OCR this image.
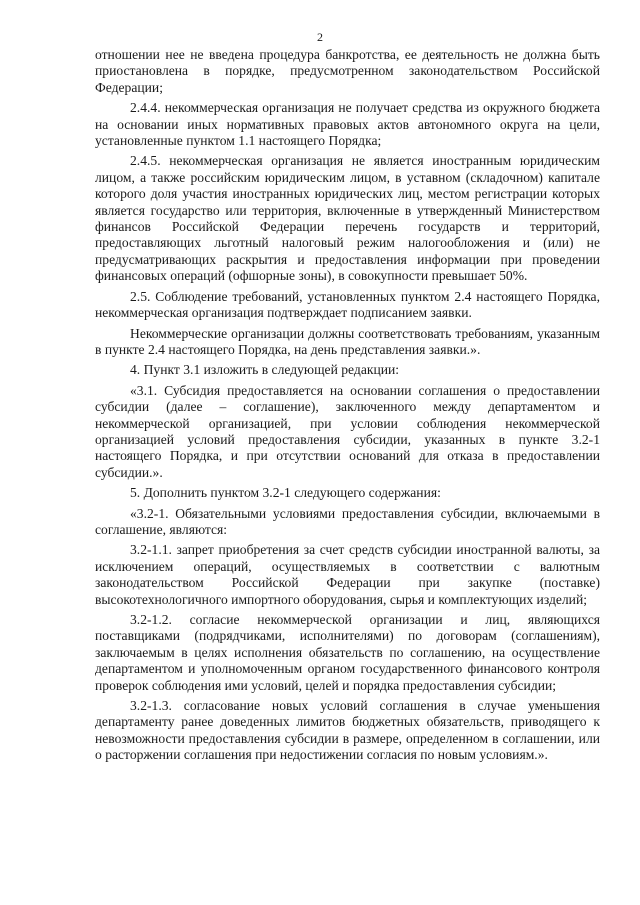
2

отношении нее не введена процедура банкротства, ее деятельность не должна быть приостановлена в порядке, предусмотренном законодательством Российской Федерации;

2.4.4. некоммерческая организация не получает средства из окружного бюджета на основании иных нормативных правовых актов автономного округа на цели, установленные пунктом 1.1 настоящего Порядка;

2.4.5. некоммерческая организация не является иностранным юридическим лицом, а также российским юридическим лицом, в уставном (складочном) капитале которого доля участия иностранных юридических лиц, местом регистрации которых является государство или территория, включенные в утвержденный Министерством финансов Российской Федерации перечень государств и территорий, предоставляющих льготный налоговый режим налогообложения и (или) не предусматривающих раскрытия и предоставления информации при проведении финансовых операций (офшорные зоны), в совокупности превышает 50%.

2.5. Соблюдение требований, установленных пунктом 2.4 настоящего Порядка, некоммерческая организация подтверждает подписанием заявки.

Некоммерческие организации должны соответствовать требованиям, указанным в пункте 2.4 настоящего Порядка, на день представления заявки.».

4. Пункт 3.1 изложить в следующей редакции:

«3.1. Субсидия предоставляется на основании соглашения о предоставлении субсидии (далее – соглашение), заключенного между департаментом и некоммерческой организацией, при условии соблюдения некоммерческой организацией условий предоставления субсидии, указанных в пункте 3.2-1 настоящего Порядка, и при отсутствии оснований для отказа в предоставлении субсидии.».

5. Дополнить пунктом 3.2-1 следующего содержания:

«3.2-1. Обязательными условиями предоставления субсидии, включаемыми в соглашение, являются:

3.2-1.1. запрет приобретения за счет средств субсидии иностранной валюты, за исключением операций, осуществляемых в соответствии с валютным законодательством Российской Федерации при закупке (поставке) высокотехнологичного импортного оборудования, сырья и комплектующих изделий;

3.2-1.2. согласие некоммерческой организации и лиц, являющихся поставщиками (подрядчиками, исполнителями) по договорам (соглашениям), заключаемым в целях исполнения обязательств по соглашению, на осуществление департаментом и уполномоченным органом государственного финансового контроля проверок соблюдения ими условий, целей и порядка предоставления субсидии;

3.2-1.3. согласование новых условий соглашения в случае уменьшения департаменту ранее доведенных лимитов бюджетных обязательств, приводящего к невозможности предоставления субсидии в размере, определенном в соглашении, или о расторжении соглашения при недостижении согласия по новым условиям.».
